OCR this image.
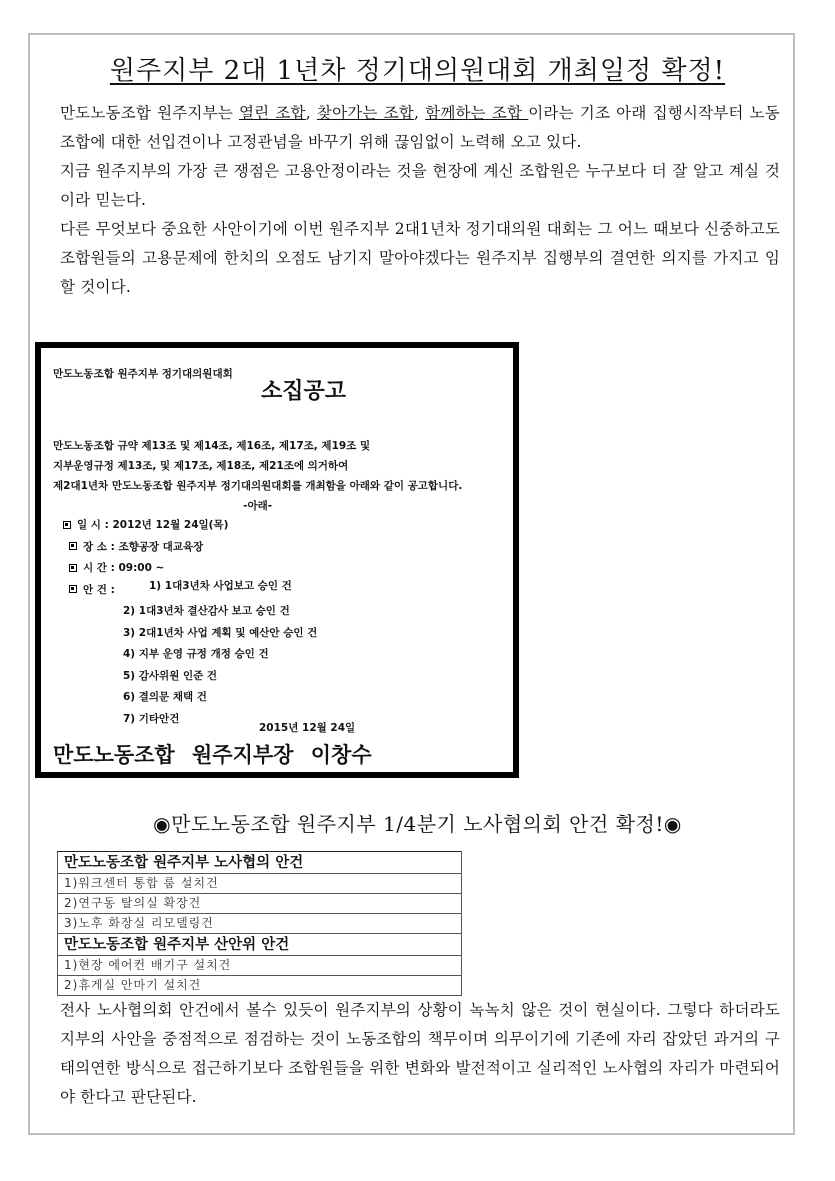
원주지부 2대 1년차 정기대의원대회 개최일정 확정!

만도노동조합 원주지부는 열린 조합, 찾아가는 조합, 함께하는 조합 이라는 기조 아래 집행시작부터 노동조합에 대한 선입견이나 고정관념을 바꾸기 위해 끊임없이 노력해 오고 있다.

지금 원주지부의 가장 큰 쟁점은 고용안정이라는 것을 현장에 계신 조합원은 누구보다 더 잘 알고 계실 것이라 믿는다.

다른 무엇보다 중요한 사안이기에 이번 원주지부 2대1년차 정기대의원 대회는 그 어느 때보다 신중하고도 조합원들의 고용문제에 한치의 오점도 남기지 말아야겠다는 원주지부 집행부의 결연한 의지를 가지고 임할 것이다.

만도노동조합 원주지부 정기대의원대회
소집공고
만도노동조합 규약 제13조 및 제14조, 제16조, 제17조, 제19조 및
지부운영규정 제13조, 및 제17조, 제18조, 제21조에 의거하여
제2대1년차 만도노동조합 원주지부 정기대의원대회를 개최함을 아래와 같이 공고합니다.
-아래-
일 시 : 2012년 12월 24일(목)
장 소 : 조향공장 대교육장
시 간 : 09:00 ~
안 건 :	1) 1대3년차 사업보고 승인 건
2) 1대3년차 결산감사 보고 승인 건
3) 2대1년차 사업 계획 및 예산안 승인 건
4) 지부 운영 규정 개정 승인 건
5) 감사위원 인준 건
6) 결의문 채택 건
7) 기타안건
2015년 12월 24일
만도노동조합 원주지부장 이창수
◉만도노동조합 원주지부 1/4분기 노사협의회 안건 확정!◉
만도노동조합 원주지부 노사협의 안건
1)워크센터 통합 룸 설치건
2)연구동 탈의실 확장건
3)노후 화장실 리모델링건
만도노동조합 원주지부 산안위 안건
1)현장 에어컨 배기구 설치건
2)휴게실 안마기 설치건

전사 노사협의회 안건에서 볼수 있듯이 원주지부의 상황이 녹녹치 않은 것이 현실이다. 그렇다 하더라도 지부의 사안을 중점적으로 점검하는 것이 노동조합의 책무이며 의무이기에 기존에 자리 잡았던 과거의 구태의연한 방식으로 접근하기보다 조합원들을 위한 변화와 발전적이고 실리적인 노사협의 자리가 마련되어야 한다고 판단된다.
